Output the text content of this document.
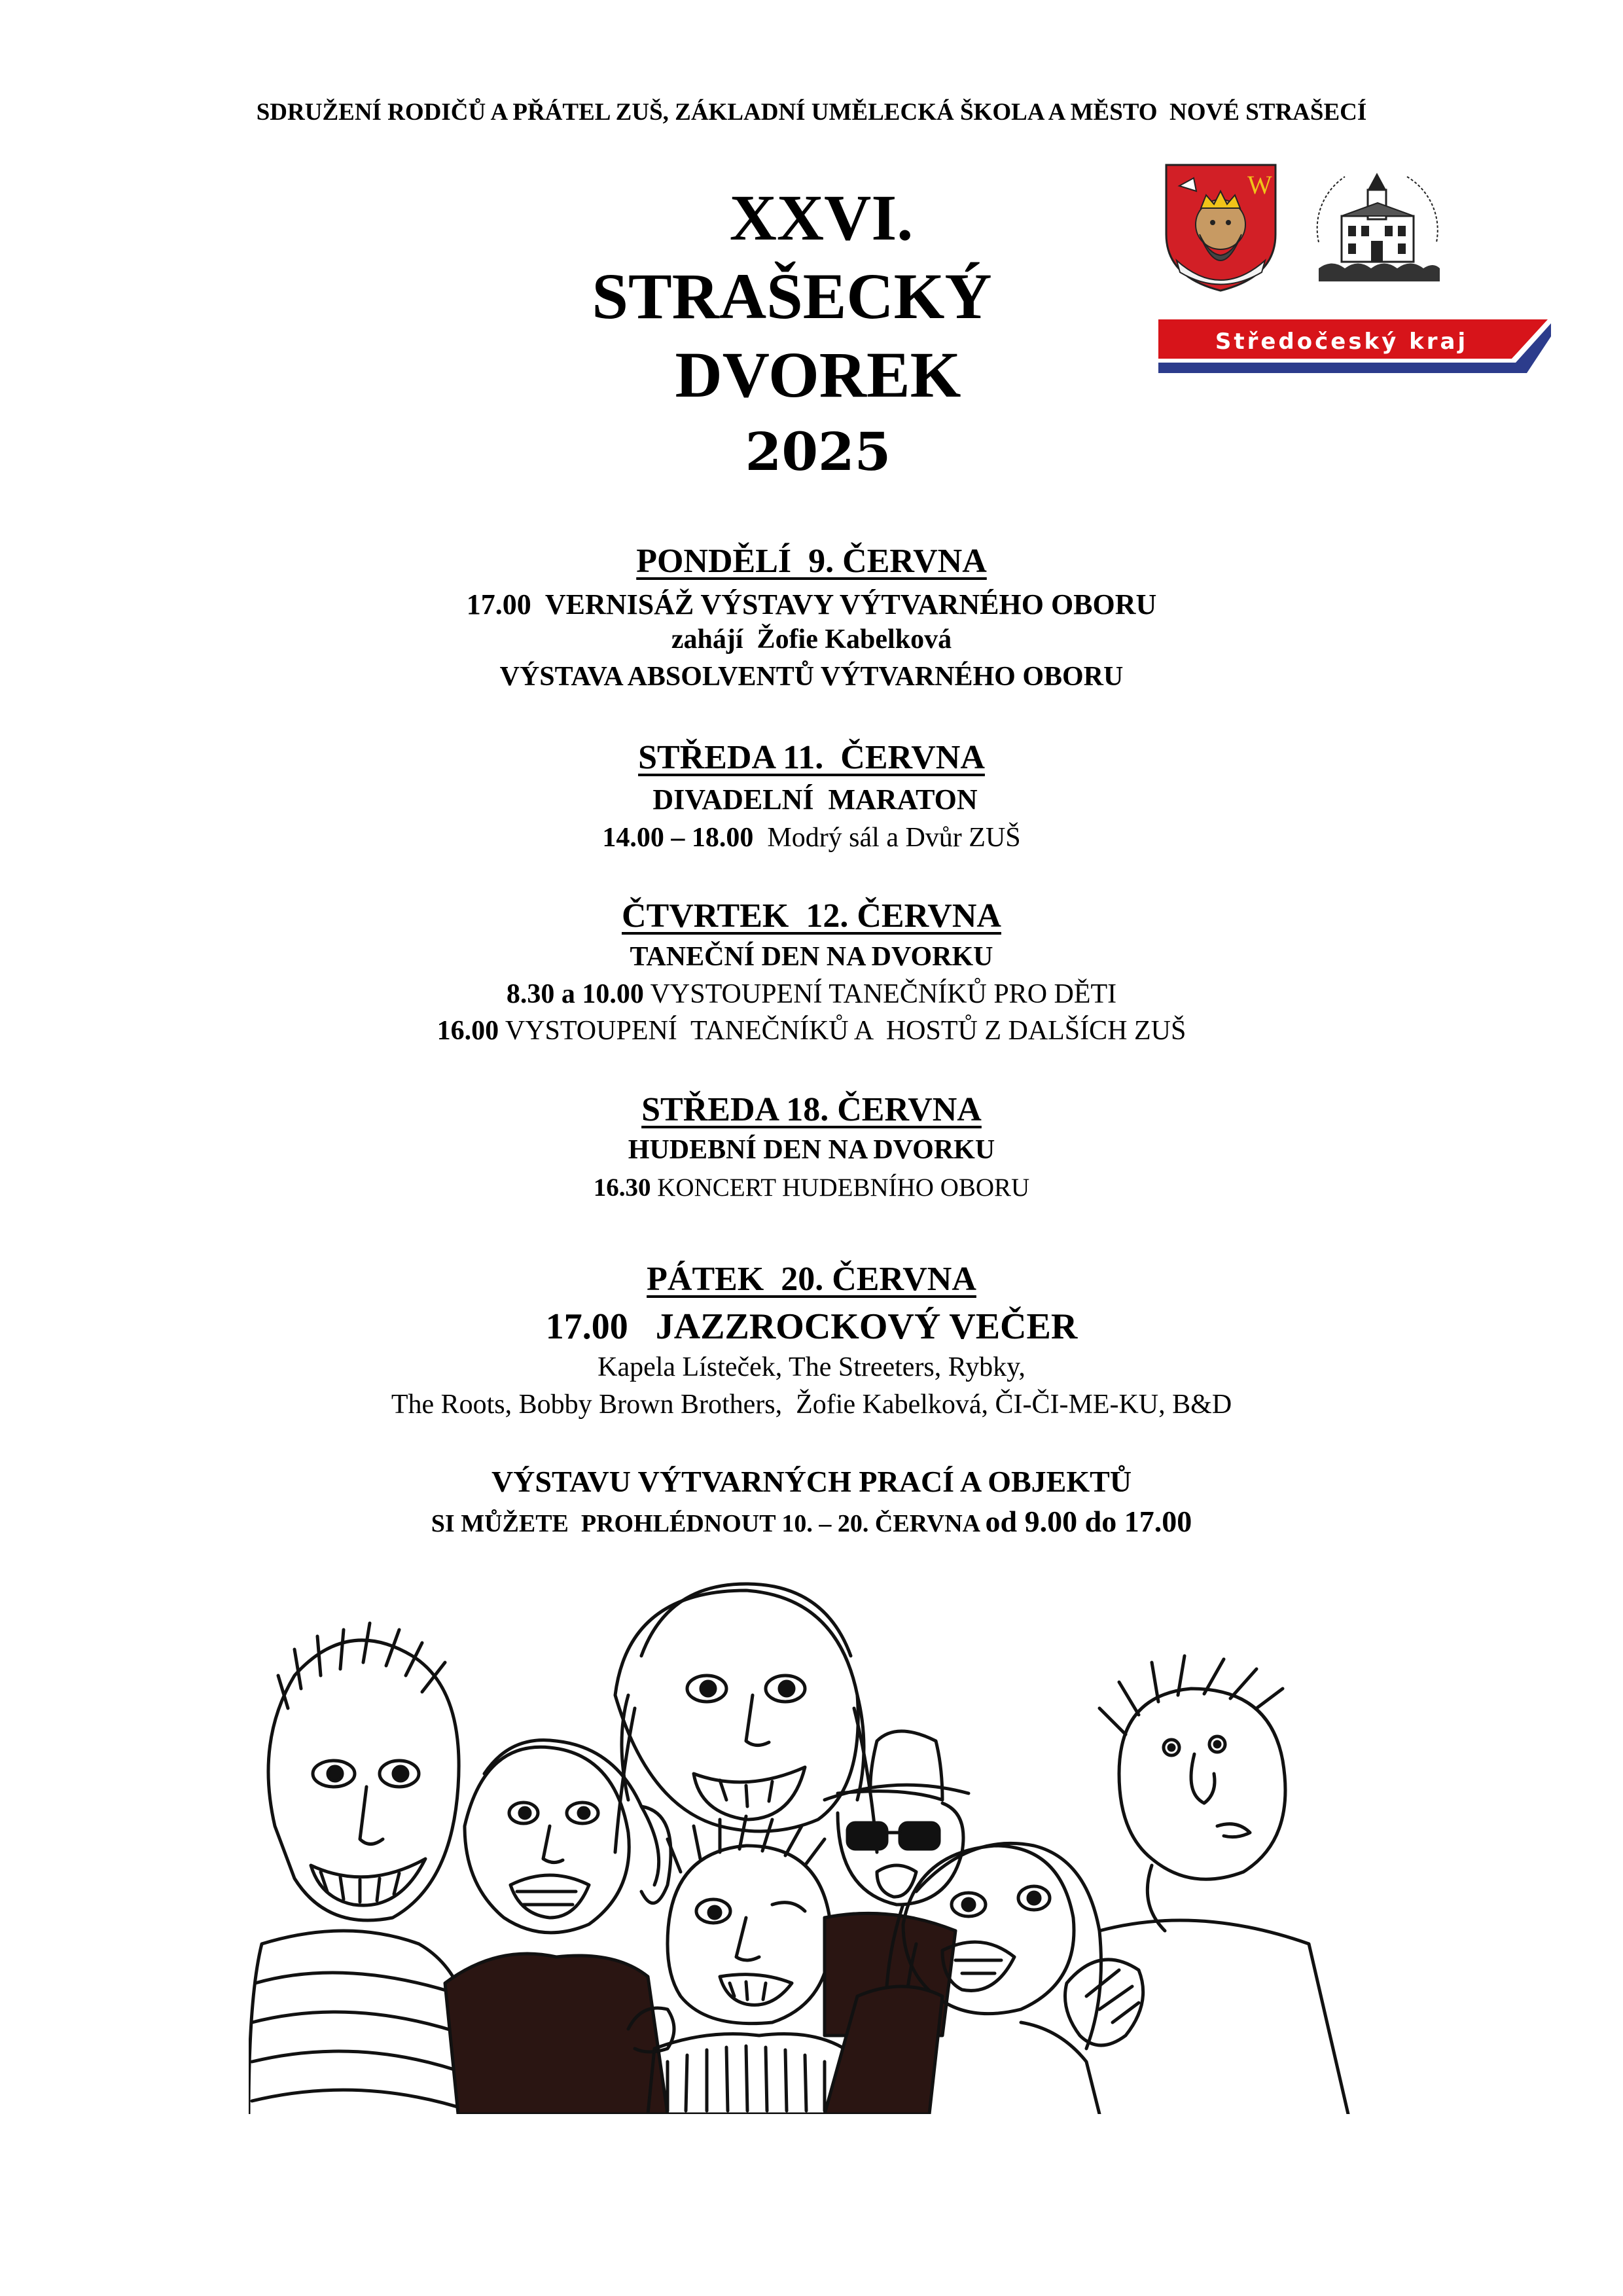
SDRUŽENÍ RODIČŮ A PŘÁTEL ZUŠ, ZÁKLADNÍ UMĚLECKÁ ŠKOLA A MĚSTO  NOVÉ STRAŠECÍ
XXVI.
STRAŠECKÝ
DVOREK
2025
W
Středočeský kraj
PONDĚLÍ  9. ČERVNA
17.00  VERNISÁŽ VÝSTAVY VÝTVARNÉHO OBORU
zahájí  Žofie Kabelková
VÝSTAVA ABSOLVENTŮ VÝTVARNÉHO OBORU
STŘEDA 11.  ČERVNA
DIVADELNÍ  MARATON
14.00 – 18.00  Modrý sál a Dvůr ZUŠ
ČTVRTEK  12. ČERVNA
TANEČNÍ DEN NA DVORKU
8.30 a 10.00 VYSTOUPENÍ TANEČNÍKŮ PRO DĚTI
16.00 VYSTOUPENÍ  TANEČNÍKŮ A  HOSTŮ Z DALŠÍCH ZUŠ
STŘEDA 18. ČERVNA
HUDEBNÍ DEN NA DVORKU
16.30 KONCERT HUDEBNÍHO OBORU
PÁTEK  20. ČERVNA
17.00   JAZZROCKOVÝ VEČER
Kapela Lísteček, The Streeters, Rybky,
The Roots, Bobby Brown Brothers,  Žofie Kabelková, ČI-ČI-ME-KU, B&D
VÝSTAVU VÝTVARNÝCH PRACÍ A OBJEKTŮ
SI MŮŽETE  PROHLÉDNOUT 10. – 20. ČERVNA od 9.00 do 17.00
